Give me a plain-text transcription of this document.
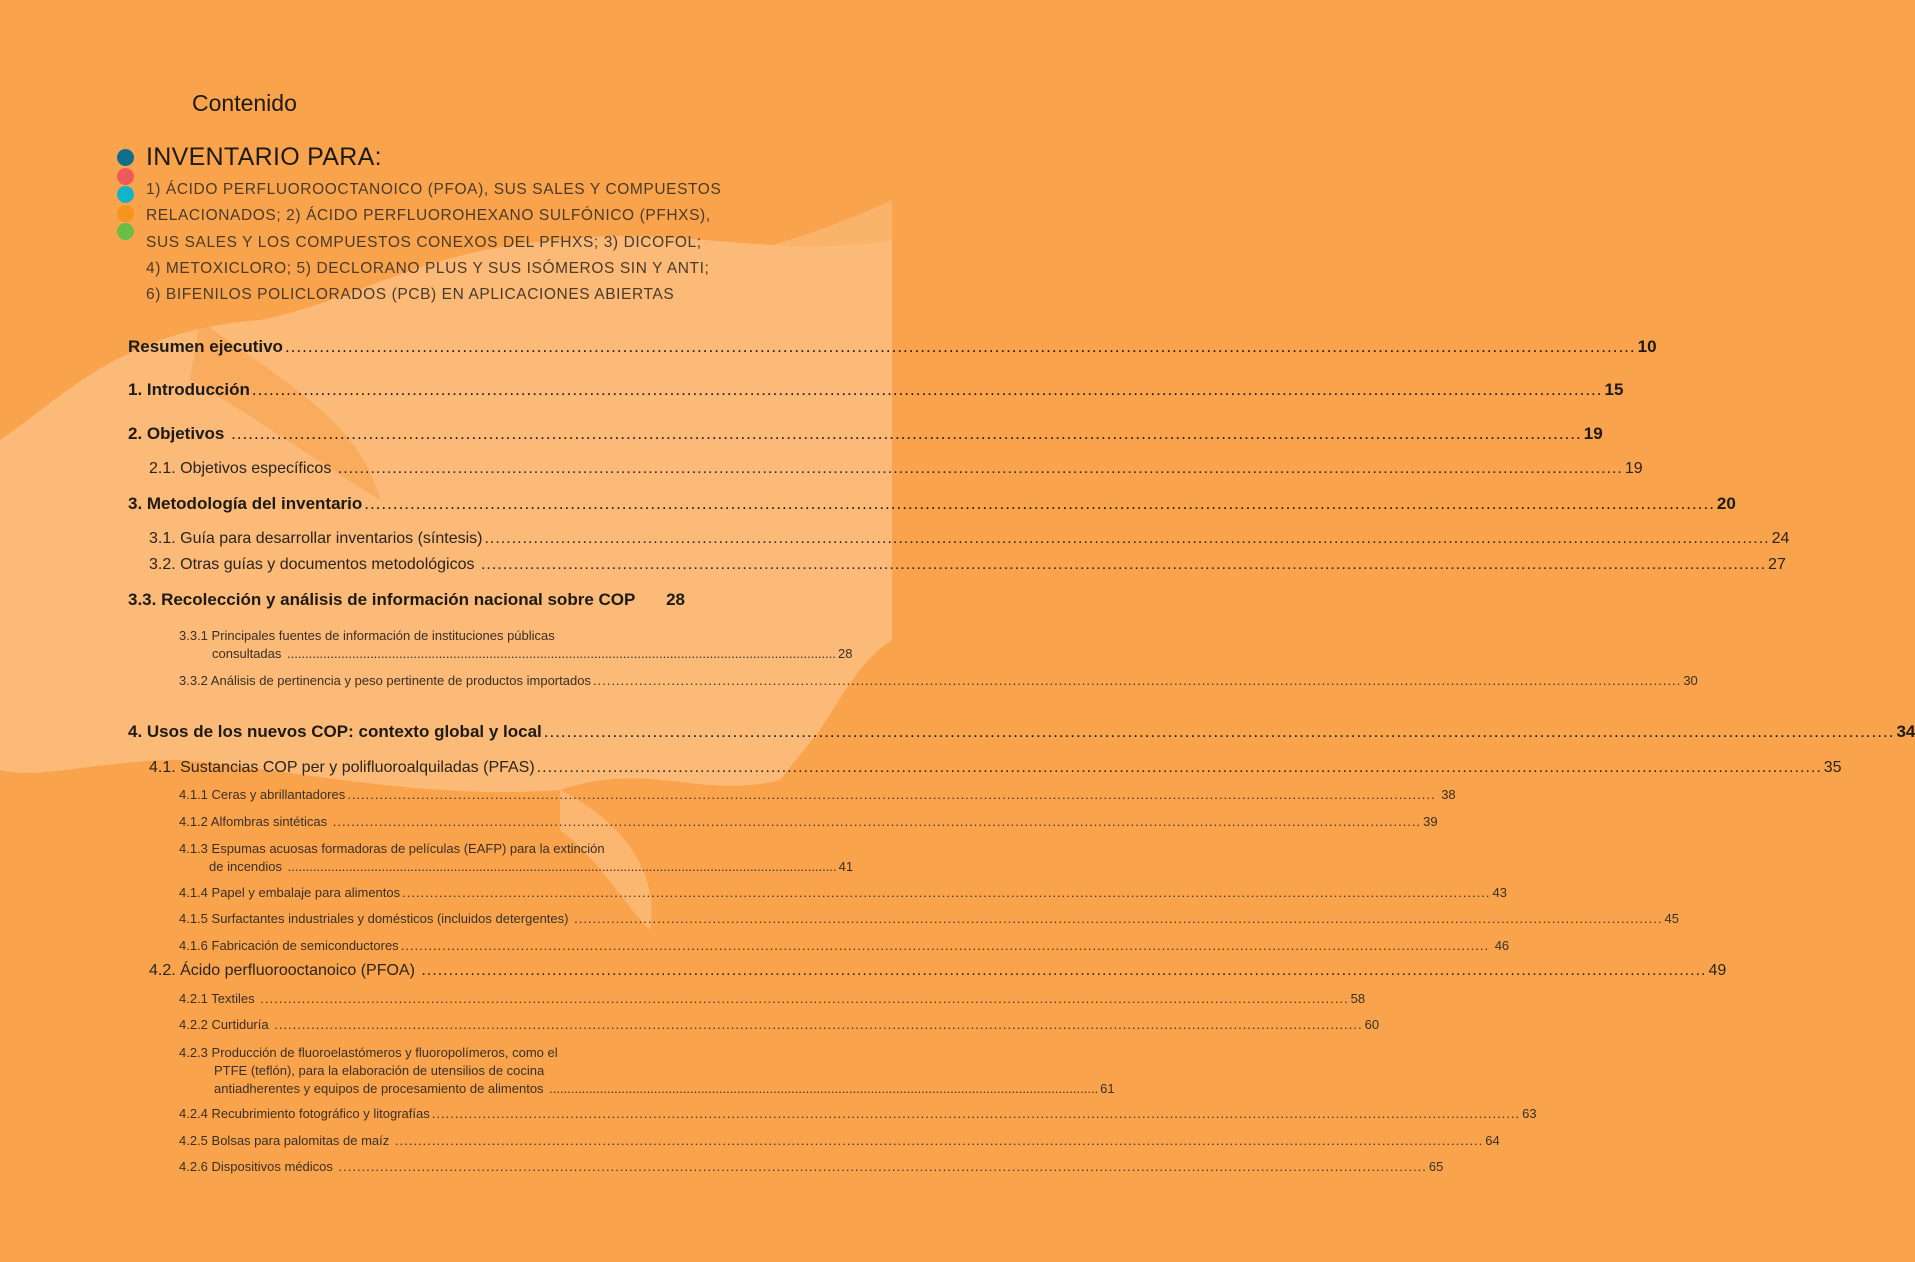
Contenido
INVENTARIO PARA:
1) ÁCIDO PERFLUOROOCTANOICO (PFOA), SUS SALES Y COMPUESTOS
RELACIONADOS; 2) ÁCIDO PERFLUOROHEXANO SULFÓNICO (PFHXS),
SUS SALES Y LOS COMPUESTOS CONEXOS DEL PFHXS; 3) DICOFOL;
4) METOXICLORO; 5) DECLORANO PLUS Y SUS ISÓMEROS SIN Y ANTI;
6) BIFENILOS POLICLORADOS (PCB) EN APLICACIONES ABIERTAS
Resumen ejecutivo .....	10
1. Introducción .....	15
2. Objetivos .....	19
2.1. Objetivos específicos .....	19
3. Metodología del inventario .....	20
3.1. Guía para desarrollar inventarios (síntesis) .....	24
3.2. Otras guías y documentos metodológicos .....	27
3.3. Recolección y análisis de información nacional sobre COP 28
3.3.1 Principales fuentes de información de instituciones públicas
consultadas ........................................................................................................................................................ 28
3.3.2 Análisis de pertinencia y peso pertinente de productos importados .....	30
4. Usos de los nuevos COP: contexto global y local .....	34
4.1. Sustancias COP per y polifluoroalquiladas (PFAS) .....	35
4.1.1 Ceras y abrillantadores .....	38
4.1.2 Alfombras sintéticas .....	39
4.1.3 Espumas acuosas formadoras de películas (EAFP) para la extinción
de incendios ........................................................................................................................................................ 41
4.1.4 Papel y embalaje para alimentos .....	43
4.1.5 Surfactantes industriales y domésticos (incluidos detergentes) .....	45
4.1.6 Fabricación de semiconductores .....	46
4.2. Ácido perfluorooctanoico (PFOA) .....	49
4.2.1 Textiles .....	58
4.2.2 Curtiduría .....	60
4.2.3 Producción de fluoroelastómeros y fluoropolímeros, como el
PTFE (teflón), para la elaboración de utensilios de cocina
antiadherentes y equipos de procesamiento de alimentos ........................................................................................................................................................ 61
4.2.4 Recubrimiento fotográfico y litografías .....	63
4.2.5 Bolsas para palomitas de maíz .....	64
4.2.6 Dispositivos médicos .....	65
